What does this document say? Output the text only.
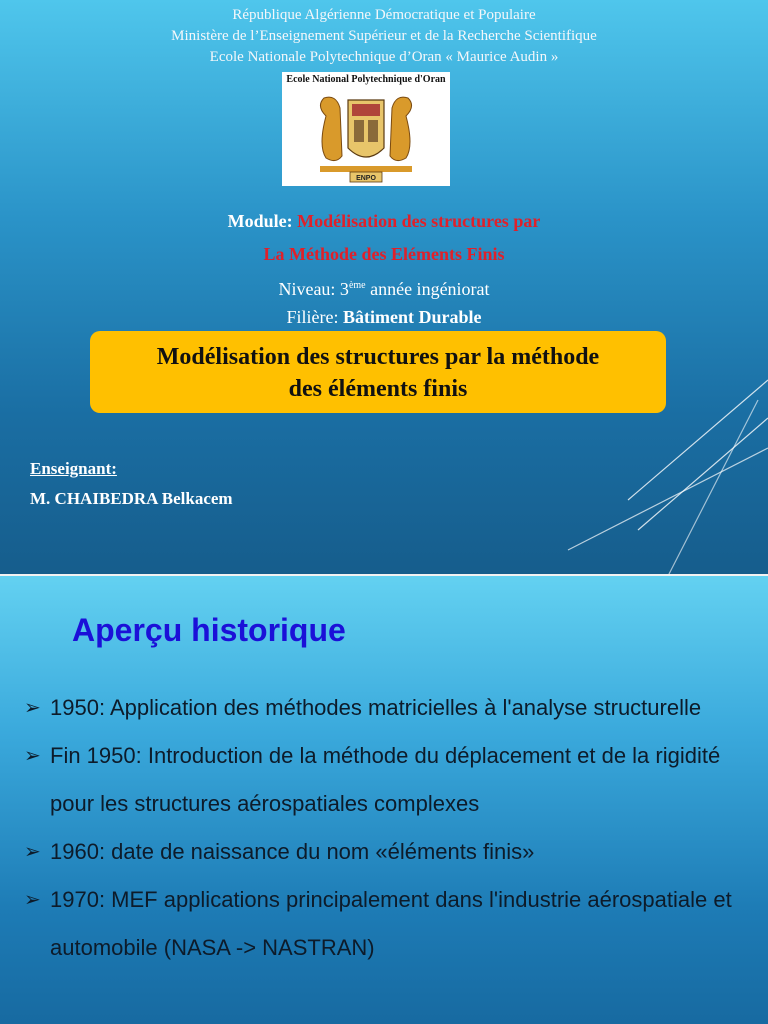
République Algérienne Démocratique et Populaire
Ministère de l’Enseignement Supérieur et de la Recherche Scientifique
Ecole Nationale Polytechnique d’Oran « Maurice Audin »
Ecole National Polytechnique d'Oran
ENPO
Module: Modélisation des structures par
La Méthode des Eléments Finis
Niveau: 3ème année ingéniorat
Filière: Bâtiment Durable
Modélisation des structures par la méthode
des éléments finis
Enseignant:
M. CHAIBEDRA Belkacem
Aperçu historique
➢ 1950: Application des méthodes matricielles à l'analyse structurelle
➢ Fin 1950: Introduction de la méthode du déplacement et de la rigidité pour les structures aérospatiales complexes
➢ 1960: date de naissance du nom «éléments finis»
➢ 1970: MEF applications principalement dans l'industrie aérospatiale et automobile (NASA -> NASTRAN)
